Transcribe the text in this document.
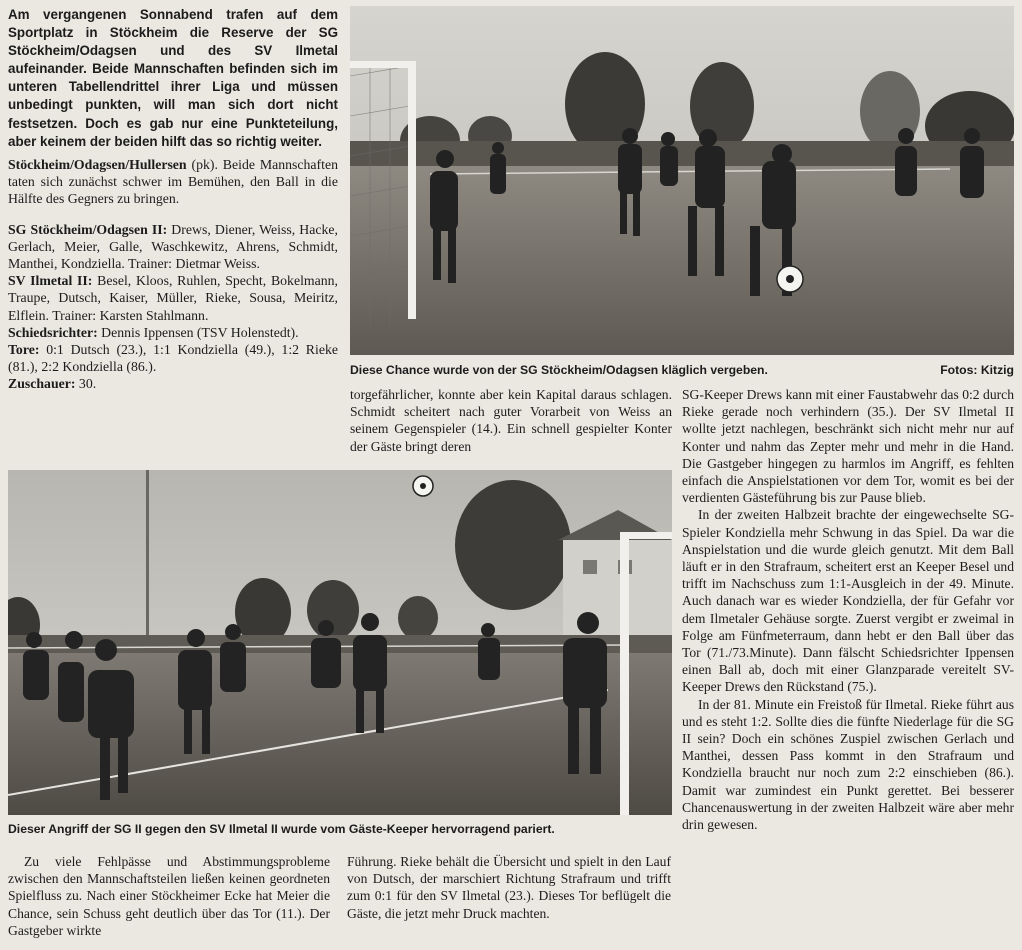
Am vergangenen Sonnabend trafen auf dem Sportplatz in Stöckheim die Reserve der SG Stöckheim/Odagsen und des SV Ilmetal aufeinander. Beide Mannschaften befinden sich im unteren Tabellendrittel ihrer Liga und müssen unbedingt punkten, will man sich dort nicht festsetzen. Doch es gab nur eine Punkteteilung, aber keinem der beiden hilft das so richtig weiter.

Stöckheim/Odagsen/Hullersen (pk). Beide Mannschaften taten sich zunächst schwer im Bemühen, den Ball in die Hälfte des Gegners zu bringen.

SG Stöckheim/Odagsen II: Drews, Diener, Weiss, Hacke, Gerlach, Meier, Galle, Waschkewitz, Ahrens, Schmidt, Manthei, Kondziella. Trainer: Dietmar Weiss.

SV Ilmetal II: Besel, Kloos, Ruhlen, Specht, Bokelmann, Traupe, Dutsch, Kaiser, Müller, Rieke, Sousa, Meiritz, Elflein. Trainer: Karsten Stahlmann.

Schiedsrichter: Dennis Ippensen (TSV Holenstedt).

Tore: 0:1 Dutsch (23.), 1:1 Kondziella (49.), 1:2 Rieke (81.), 2:2 Kondziella (86.).

Zuschauer: 30.

Diese Chance wurde von der SG Stöckheim/Odagsen kläglich vergeben.	Fotos: Kitzig
torgefährlicher, konnte aber kein Kapital daraus schlagen. Schmidt scheitert nach guter Vorarbeit von Weiss an seinem Gegenspieler (14.). Ein schnell gespielter Konter der Gäste bringt deren

SG-Keeper Drews kann mit einer Faustabwehr das 0:2 durch Rieke gerade noch verhindern (35.). Der SV Ilmetal II wollte jetzt nachlegen, beschränkt sich nicht mehr nur auf Konter und nahm das Zepter mehr und mehr in die Hand. Die Gastgeber hingegen zu harmlos im Angriff, es fehlten einfach die Anspielstationen vor dem Tor, womit es bei der verdienten Gästeführung bis zur Pause blieb.

In der zweiten Halbzeit brachte der eingewechselte SG-Spieler Kondziella mehr Schwung in das Spiel. Da war die Anspielstation und die wurde gleich genutzt. Mit dem Ball läuft er in den Strafraum, scheitert erst an Keeper Besel und trifft im Nachschuss zum 1:1-Ausgleich in der 49. Minute. Auch danach war es wieder Kondziella, der für Gefahr vor dem Ilmetaler Gehäuse sorgte. Zuerst vergibt er zweimal in Folge am Fünfmeterraum, dann hebt er den Ball über das Tor (71./73.Minute). Dann fälscht Schiedsrichter Ippensen einen Ball ab, doch mit einer Glanzparade vereitelt SV-Keeper Drews den Rückstand (75.).

In der 81. Minute ein Freistoß für Ilmetal. Rieke führt aus und es steht 1:2. Sollte dies die fünfte Niederlage für die SG II sein? Doch ein schönes Zuspiel zwischen Gerlach und Manthei, dessen Pass kommt in den Strafraum und Kondziella braucht nur noch zum 2:2 einschieben (86.). Damit war zumindest ein Punkt gerettet. Bei besserer Chancenauswertung in der zweiten Halbzeit wäre aber mehr drin gewesen.

Dieser Angriff der SG II gegen den SV Ilmetal II wurde vom Gäste-Keeper hervorragend pariert.
Zu viele Fehlpässe und Abstimmungsprobleme zwischen den Mannschaftsteilen ließen keinen geordneten Spielfluss zu. Nach einer Stöckheimer Ecke hat Meier die Chance, sein Schuss geht deutlich über das Tor (11.). Der Gastgeber wirkte
Führung. Rieke behält die Übersicht und spielt in den Lauf von Dutsch, der marschiert Richtung Strafraum und trifft zum 0:1 für den SV Ilmetal (23.). Dieses Tor beflügelt die Gäste, die jetzt mehr Druck machten.
